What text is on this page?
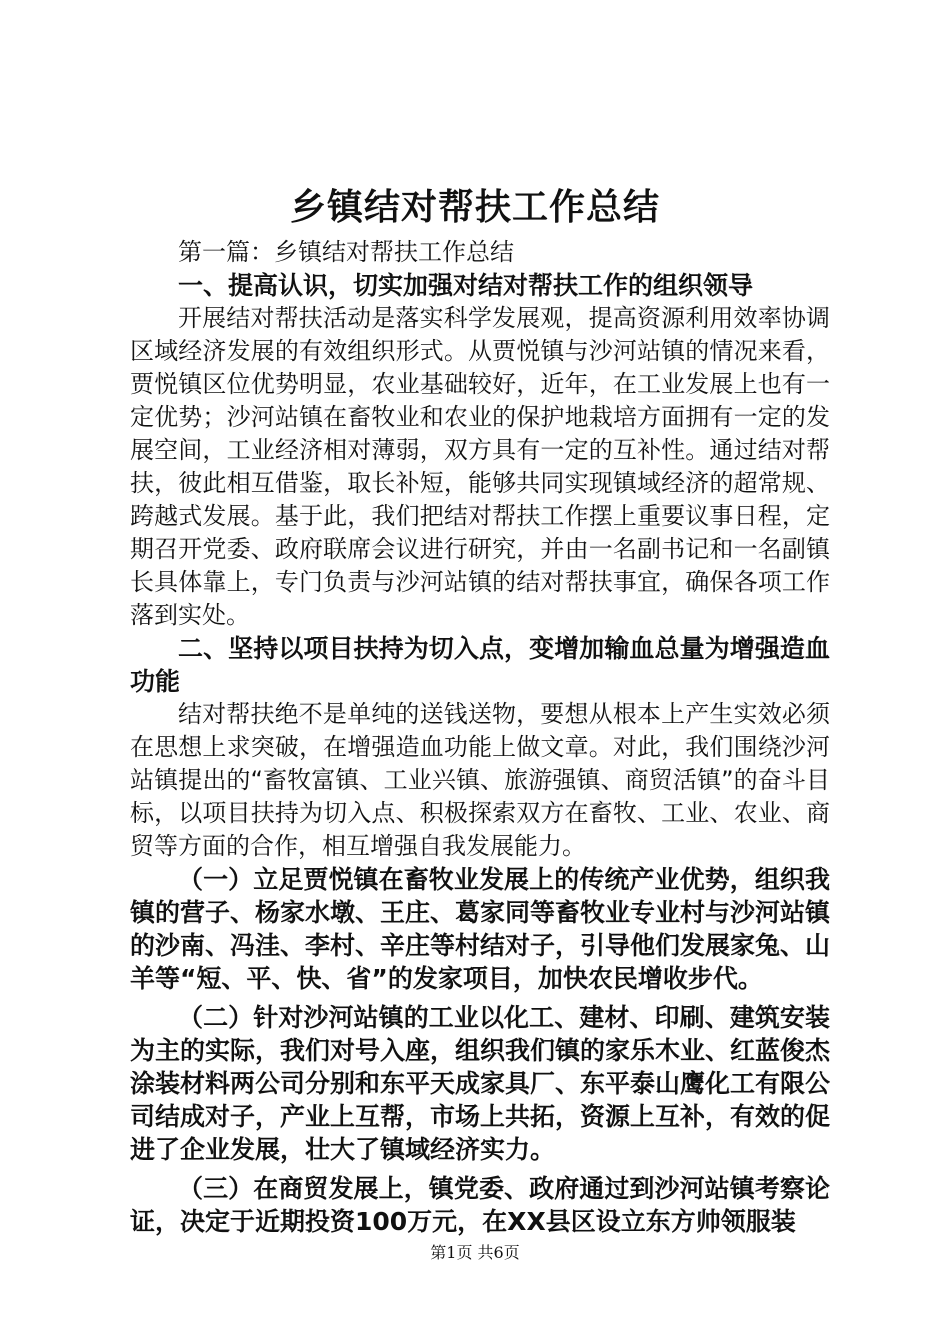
乡镇结对帮扶工作总结

第一篇：乡镇结对帮扶工作总结

一、提高认识，切实加强对结对帮扶工作的组织领导

开展结对帮扶活动是落实科学发展观，提高资源利用效率协调区域经济发展的有效组织形式。从贾悦镇与沙河站镇的情况来看，贾悦镇区位优势明显，农业基础较好，近年，在工业发展上也有一定优势；沙河站镇在畜牧业和农业的保护地栽培方面拥有一定的发展空间，工业经济相对薄弱，双方具有一定的互补性。通过结对帮扶，彼此相互借鉴，取长补短，能够共同实现镇域经济的超常规、跨越式发展。基于此，我们把结对帮扶工作摆上重要议事日程，定期召开党委、政府联席会议进行研究，并由一名副书记和一名副镇长具体靠上，专门负责与沙河站镇的结对帮扶事宜，确保各项工作落到实处。

二、坚持以项目扶持为切入点，变增加输血总量为增强造血功能

结对帮扶绝不是单纯的送钱送物，要想从根本上产生实效必须在思想上求突破，在增强造血功能上做文章。对此，我们围绕沙河站镇提出的“畜牧富镇、工业兴镇、旅游强镇、商贸活镇”的奋斗目标，以项目扶持为切入点、积极探索双方在畜牧、工业、农业、商贸等方面的合作，相互增强自我发展能力。

（一）立足贾悦镇在畜牧业发展上的传统产业优势，组织我镇的营子、杨家水墩、王庄、葛家同等畜牧业专业村与沙河站镇的沙南、冯洼、李村、辛庄等村结对子，引导他们发展家兔、山羊等“短、平、快、省”的发家项目，加快农民增收步代。

（二）针对沙河站镇的工业以化工、建材、印刷、建筑安装为主的实际，我们对号入座，组织我们镇的家乐木业、红蓝俊杰涂装材料两公司分别和东平天成家具厂、东平泰山鹰化工有限公司结成对子，产业上互帮，市场上共拓，资源上互补，有效的促进了企业发展，壮大了镇域经济实力。

（三）在商贸发展上，镇党委、政府通过到沙河站镇考察论证，决定于近期投资100万元，在XX县区设立东方帅领服装

第1页 共6页
